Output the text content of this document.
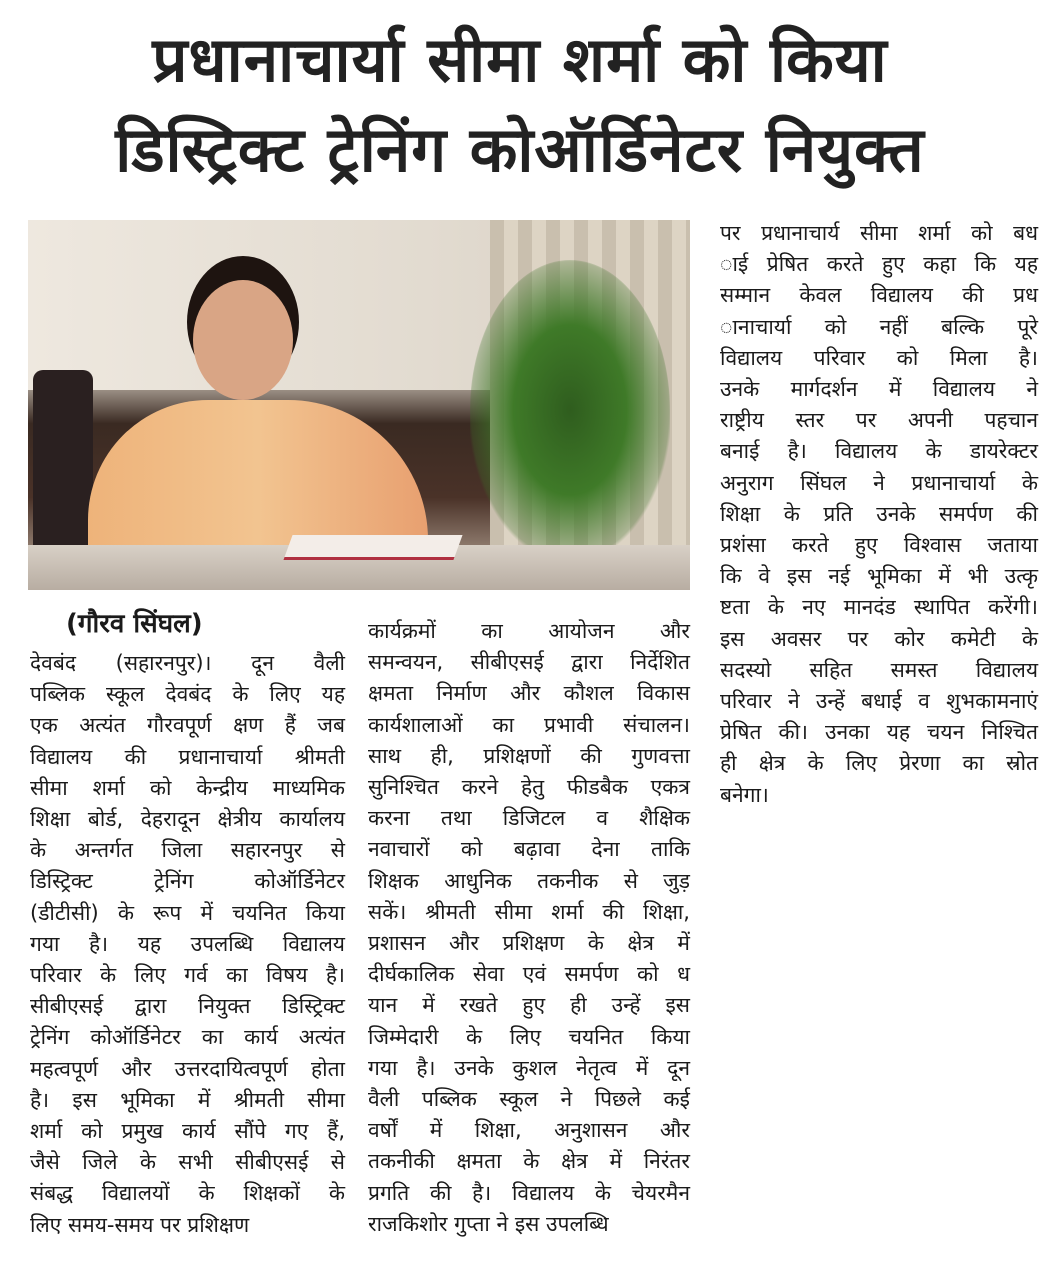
प्रधानाचार्या सीमा शर्मा को किया
डिस्ट्रिक्ट ट्रेनिंग कोऑर्डिनेटर नियुक्त
(गौरव सिंघल)
देवबंद (सहारनपुर)। दून वैली
पब्लिक स्कूल देवबंद के लिए यह
एक अत्यंत गौरवपूर्ण क्षण हैं जब
विद्यालय की प्रधानाचार्या श्रीमती
सीमा शर्मा को केन्द्रीय माध्यमिक
शिक्षा बोर्ड, देहरादून क्षेत्रीय कार्यालय
के अन्तर्गत जिला सहारनपुर से
डिस्ट्रिक्ट ट्रेनिंग कोऑर्डिनेटर
(डीटीसी) के रूप में चयनित किया
गया है। यह उपलब्धि विद्यालय
परिवार के लिए गर्व का विषय है।
सीबीएसई द्वारा नियुक्त डिस्ट्रिक्ट
ट्रेनिंग कोऑर्डिनेटर का कार्य अत्यंत
महत्वपूर्ण और उत्तरदायित्वपूर्ण होता
है। इस भूमिका में श्रीमती सीमा
शर्मा को प्रमुख कार्य सौंपे गए हैं,
जैसे जिले के सभी सीबीएसई से
संबद्ध विद्यालयों के शिक्षकों के
लिए समय-समय पर प्रशिक्षण
कार्यक्रमों का आयोजन और
समन्वयन, सीबीएसई द्वारा निर्देशित
क्षमता निर्माण और कौशल विकास
कार्यशालाओं का प्रभावी संचालन।
साथ ही, प्रशिक्षणों की गुणवत्ता
सुनिश्चित करने हेतु फीडबैक एकत्र
करना तथा डिजिटल व शैक्षिक
नवाचारों को बढ़ावा देना ताकि
शिक्षक आधुनिक तकनीक से जुड़
सकें। श्रीमती सीमा शर्मा की शिक्षा,
प्रशासन और प्रशिक्षण के क्षेत्र में
दीर्घकालिक सेवा एवं समर्पण को ध
यान में रखते हुए ही उन्हें इस
जिम्मेदारी के लिए चयनित किया
गया है। उनके कुशल नेतृत्व में दून
वैली पब्लिक स्कूल ने पिछले कई
वर्षों में शिक्षा, अनुशासन और
तकनीकी क्षमता के क्षेत्र में निरंतर
प्रगति की है। विद्यालय के चेयरमैन
राजकिशोर गुप्ता ने इस उपलब्धि
पर प्रधानाचार्य सीमा शर्मा को बध
ाई प्रेषित करते हुए कहा कि यह
सम्मान केवल विद्यालय की प्रध
ानाचार्या को नहीं बल्कि पूरे
विद्यालय परिवार को मिला है।
उनके मार्गदर्शन में विद्यालय ने
राष्ट्रीय स्तर पर अपनी पहचान
बनाई है। विद्यालय के डायरेक्टर
अनुराग सिंघल ने प्रधानाचार्या के
शिक्षा के प्रति उनके समर्पण की
प्रशंसा करते हुए विश्वास जताया
कि वे इस नई भूमिका में भी उत्कृ
ष्टता के नए मानदंड स्थापित करेंगी।
इस अवसर पर कोर कमेटी के
सदस्यो सहित समस्त विद्यालय
परिवार ने उन्हें बधाई व शुभकामनाएं
प्रेषित की। उनका यह चयन निश्चित
ही क्षेत्र के लिए प्रेरणा का स्रोत
बनेगा।
